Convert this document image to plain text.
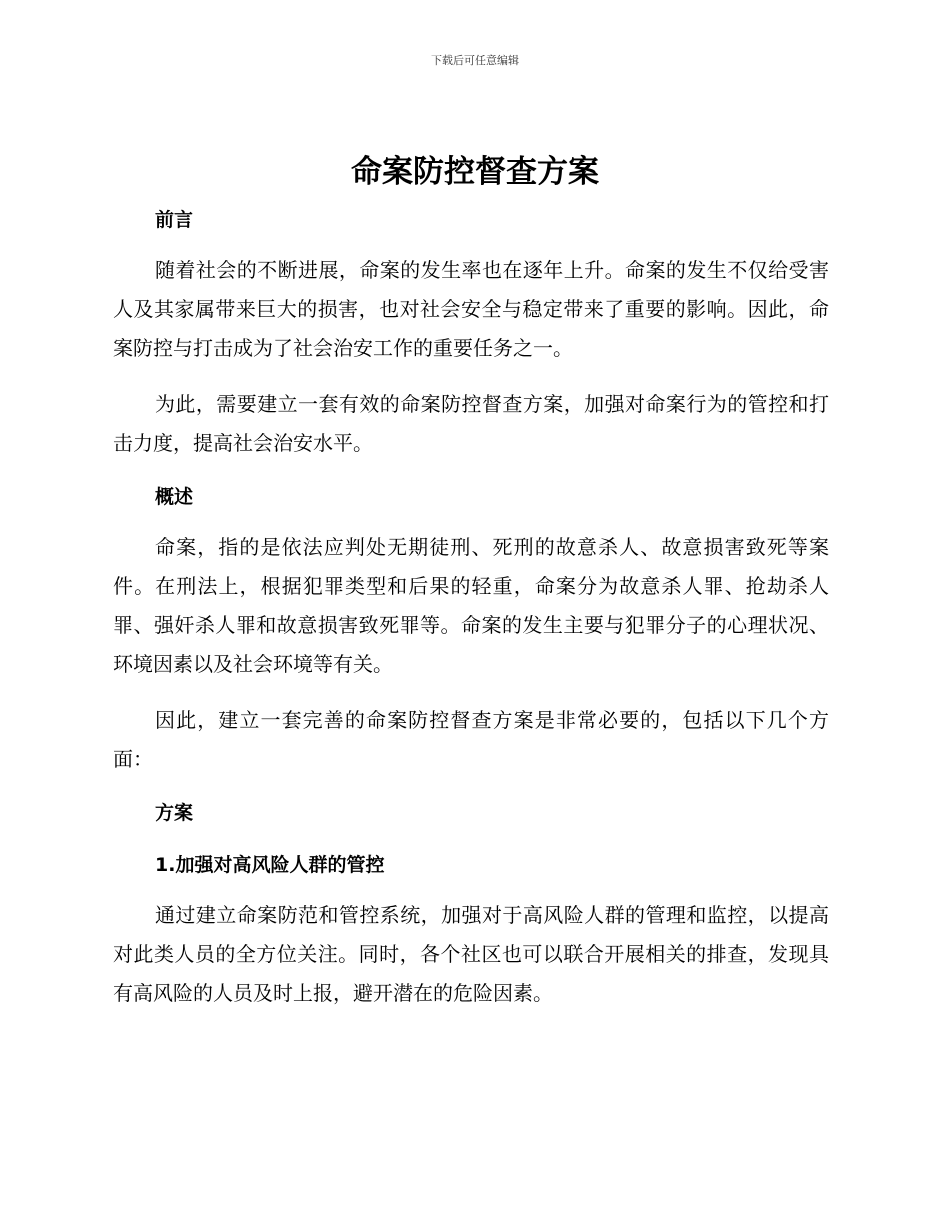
下载后可任意编辑
命案防控督查方案
前言

随着社会的不断进展，命案的发生率也在逐年上升。命案的发生不仅给受害人及其家属带来巨大的损害，也对社会安全与稳定带来了重要的影响。因此，命案防控与打击成为了社会治安工作的重要任务之一。

为此，需要建立一套有效的命案防控督查方案，加强对命案行为的管控和打击力度，提高社会治安水平。

概述

命案，指的是依法应判处无期徒刑、死刑的故意杀人、故意损害致死等案件。在刑法上，根据犯罪类型和后果的轻重，命案分为故意杀人罪、抢劫杀人罪、强奸杀人罪和故意损害致死罪等。命案的发生主要与犯罪分子的心理状况、环境因素以及社会环境等有关。

因此，建立一套完善的命案防控督查方案是非常必要的，包括以下几个方面：

方案
1.加强对高风险人群的管控

通过建立命案防范和管控系统，加强对于高风险人群的管理和监控，以提高对此类人员的全方位关注。同时，各个社区也可以联合开展相关的排查，发现具有高风险的人员及时上报，避开潜在的危险因素。
